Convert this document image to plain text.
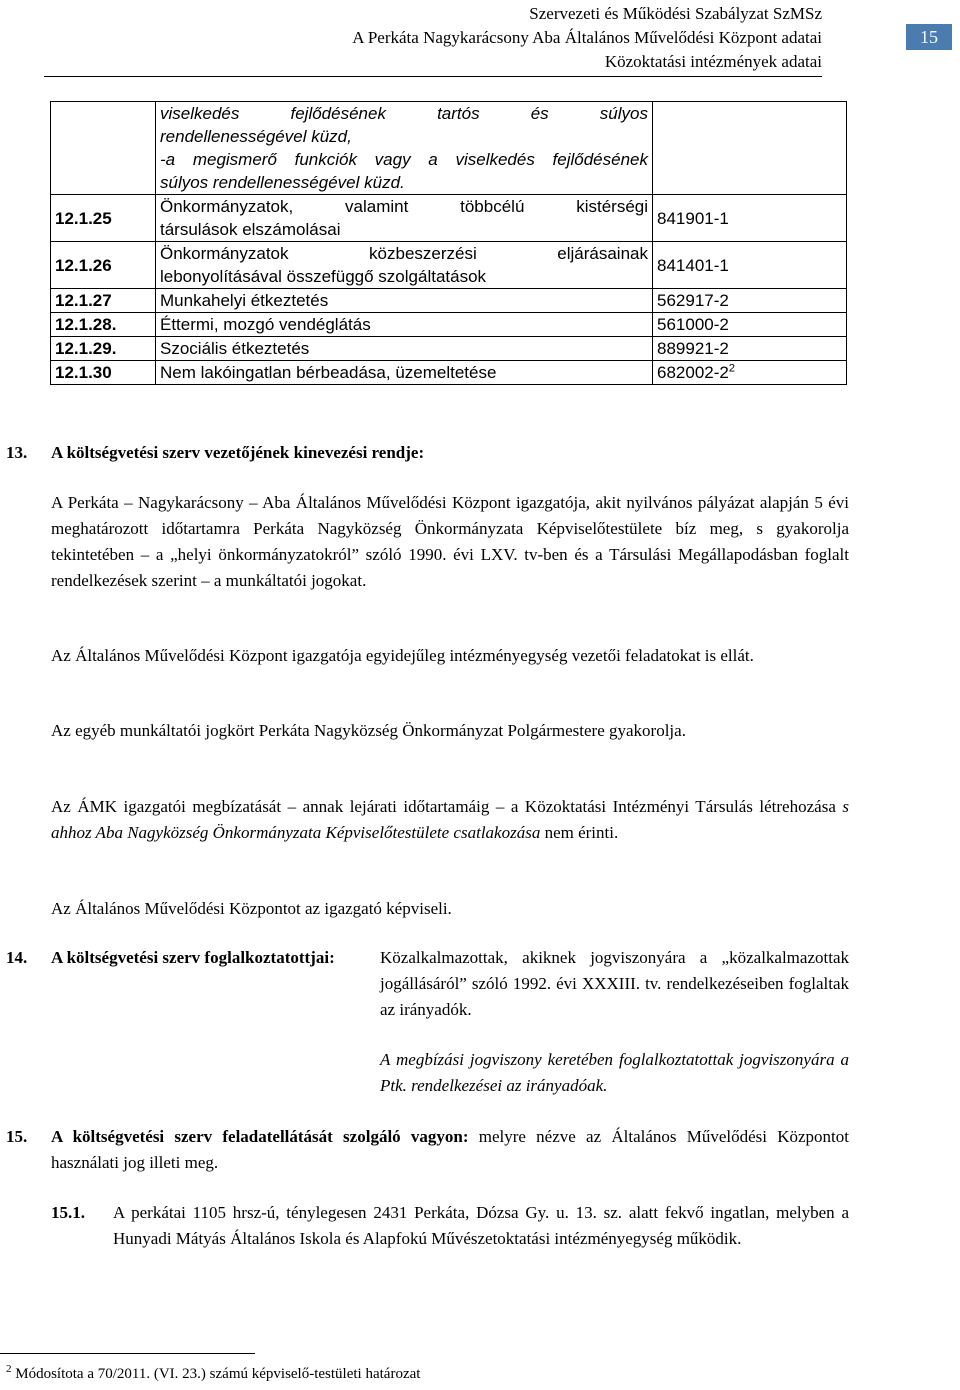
Szervezeti és Működési Szabályzat SzMSz
A Perkáta Nagykarácsony Aba Általános Művelődési Központ adatai
Közoktatási intézmények adatai
15

	viselkedés fejlődésének tartós és súlyos
rendellenességével küzd,
-a megismerő funkciók vagy a viselkedés fejlődésének
súlyos rendellenességével küzd.	

12.1.25	Önkormányzatok, valamint többcélú kistérségi
társulások elszámolásai	841901-1
12.1.26	Önkormányzatok közbeszerzési eljárásainak
lebonyolításával összefüggő szolgáltatások	841401-1
12.1.27	Munkahelyi étkeztetés	562917-2
12.1.28.	Éttermi, mozgó vendéglátás	561000-2
12.1.29.	Szociális étkeztetés	889921-2
12.1.30	Nem lakóingatlan bérbeadása, üzemeltetése	$682002-2^2$
13. A költségvetési szerv vezetőjének kinevezési rendje:
A Perkáta – Nagykarácsony – Aba Általános Művelődési Központ igazgatója, akit nyilvános pályázat alapján 5 évi meghatározott időtartamra Perkáta Nagyközség Önkormányzata Képviselőtestülete bíz meg, s gyakorolja tekintetében – a „helyi önkormányzatokról” szóló 1990. évi LXV. tv-ben és a Társulási Megállapodásban foglalt rendelkezések szerint – a munkáltatói jogokat.
Az Általános Művelődési Központ igazgatója egyidejűleg intézményegység vezetői feladatokat is ellát.
Az egyéb munkáltatói jogkört Perkáta Nagyközség Önkormányzat Polgármestere gyakorolja.
Az ÁMK igazgatói megbízatását – annak lejárati időtartamáig – a Közoktatási Intézményi Társulás létrehozása s ahhoz Aba Nagyközség Önkormányzata Képviselőtestülete csatlakozása nem érinti.
Az Általános Művelődési Központot az igazgató képviseli.
14. A költségvetési szerv foglalkoztatottjai:	Közalkalmazottak, akiknek jogviszonyára a „közalkalmazottak jogállásáról” szóló 1992. évi XXXIII. tv. rendelkezéseiben foglaltak az irányadók.
A megbízási jogviszony keretében foglalkoztatottak jogviszonyára a Ptk. rendelkezései az irányadóak.
15. A költségvetési szerv feladatellátását szolgáló vagyon: melyre nézve az Általános Művelődési Központot használati jog illeti meg.
15.1. A perkátai 1105 hrsz-ú, ténylegesen 2431 Perkáta, Dózsa Gy. u. 13. sz. alatt fekvő ingatlan, melyben a Hunyadi Mátyás Általános Iskola és Alapfokú Művészetoktatási intézményegység működik.
$^2$ Módosítota a 70/2011. (VI. 23.) számú képviselő-testületi határozat
